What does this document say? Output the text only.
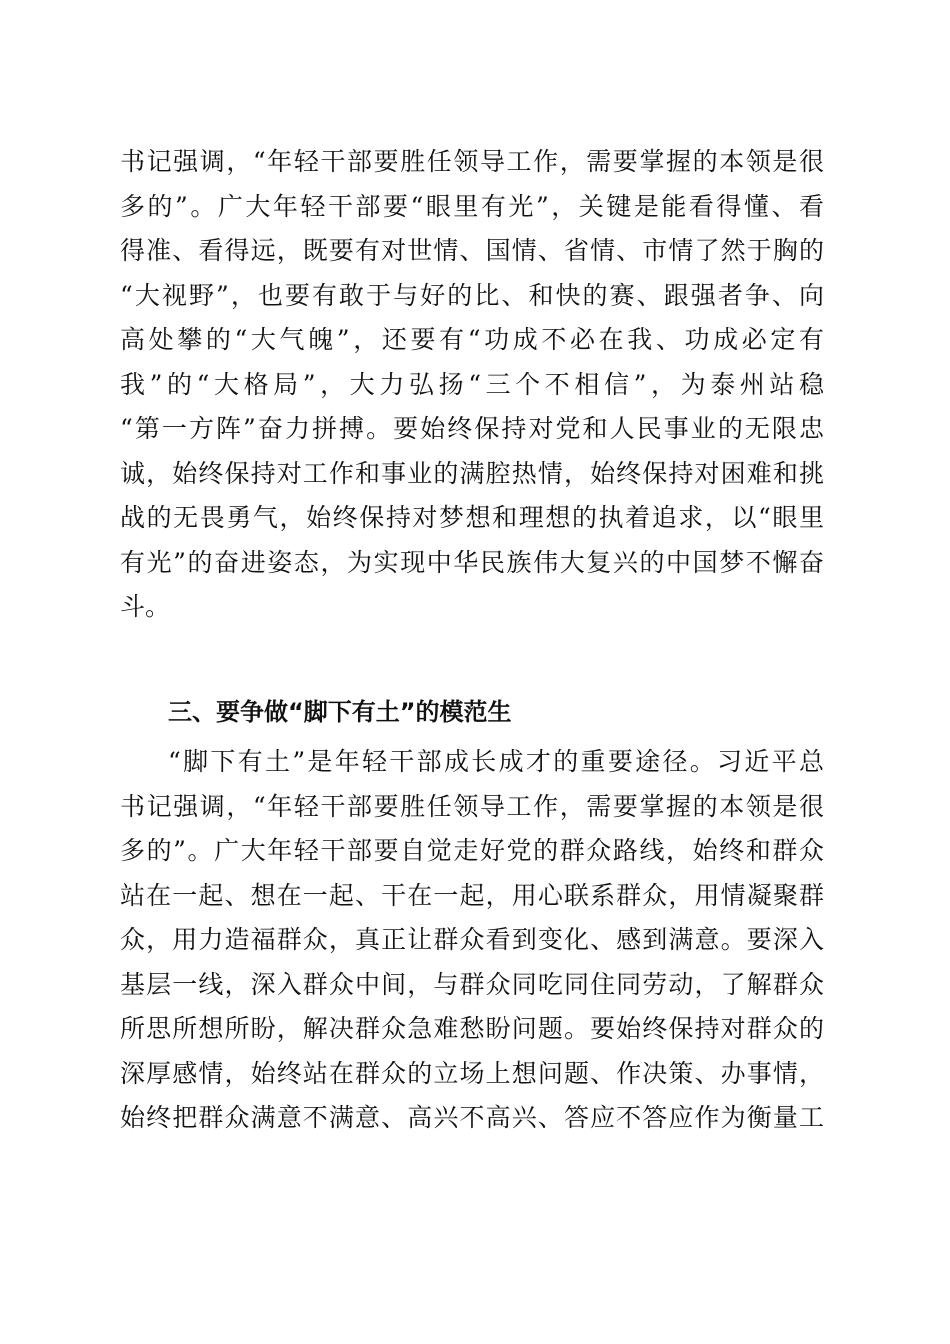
书记强调，“年轻干部要胜任领导工作，需要掌握的本领是很
多的”。广大年轻干部要“眼里有光”，关键是能看得懂、看
得准、看得远，既要有对世情、国情、省情、市情了然于胸的
“大视野”，也要有敢于与好的比、和快的赛、跟强者争、向
高处攀的“大气魄”，还要有“功成不必在我、功成必定有
我”的“大格局”，大力弘扬“三个不相信”，为泰州站稳
“第一方阵”奋力拼搏。要始终保持对党和人民事业的无限忠
诚，始终保持对工作和事业的满腔热情，始终保持对困难和挑
战的无畏勇气，始终保持对梦想和理想的执着追求，以“眼里
有光”的奋进姿态，为实现中华民族伟大复兴的中国梦不懈奋
斗。
三、要争做“脚下有土”的模范生
“脚下有土”是年轻干部成长成才的重要途径。习近平总
书记强调，“年轻干部要胜任领导工作，需要掌握的本领是很
多的”。广大年轻干部要自觉走好党的群众路线，始终和群众
站在一起、想在一起、干在一起，用心联系群众，用情凝聚群
众，用力造福群众，真正让群众看到变化、感到满意。要深入
基层一线，深入群众中间，与群众同吃同住同劳动，了解群众
所思所想所盼，解决群众急难愁盼问题。要始终保持对群众的
深厚感情，始终站在群众的立场上想问题、作决策、办事情，
始终把群众满意不满意、高兴不高兴、答应不答应作为衡量工
